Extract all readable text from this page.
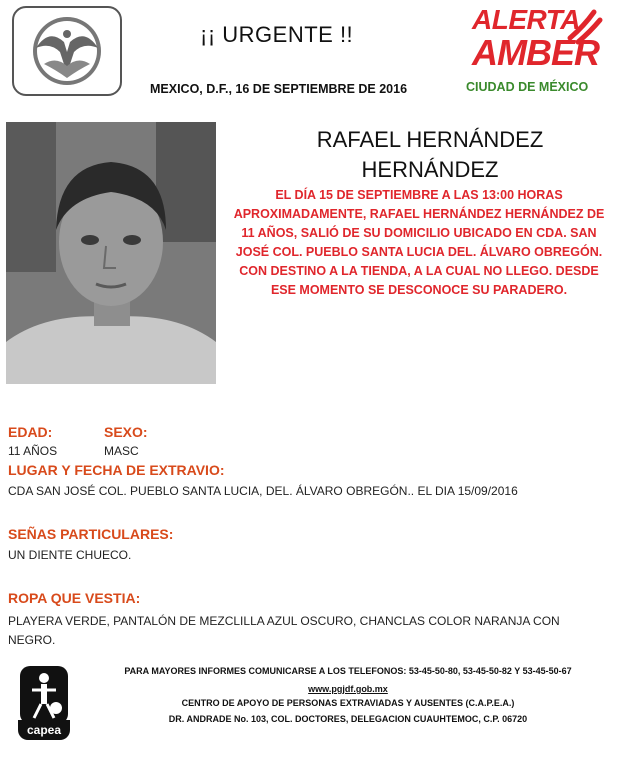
¡¡ URGENTE !!
MEXICO, D.F., 16 DE SEPTIEMBRE DE 2016
ALERTA
AMBER
CIUDAD DE MÉXICO
RAFAEL HERNÁNDEZ
HERNÁNDEZ
EL DÍA 15 DE SEPTIEMBRE A LAS 13:00 HORAS APROXIMADAMENTE, RAFAEL HERNÁNDEZ HERNÁNDEZ DE 11 AÑOS, SALIÓ DE SU DOMICILIO UBICADO EN CDA. SAN JOSÉ COL. PUEBLO SANTA LUCIA DEL. ÁLVARO OBREGÓN. CON DESTINO A LA TIENDA, A LA CUAL NO LLEGO. DESDE ESE MOMENTO SE DESCONOCE SU PARADERO.
EDAD:
11 AÑOS
SEXO:
MASC
LUGAR Y FECHA DE EXTRAVIO:
CDA SAN JOSÉ COL. PUEBLO SANTA LUCIA, DEL. ÁLVARO OBREGÓN.. EL DIA 15/09/2016
SEÑAS PARTICULARES:
UN DIENTE CHUECO.
ROPA QUE VESTIA:
PLAYERA VERDE, PANTALÓN DE MEZCLILLA AZUL OSCURO, CHANCLAS COLOR NARANJA CON NEGRO.
capea
PARA MAYORES INFORMES COMUNICARSE A LOS TELEFONOS: 53-45-50-80, 53-45-50-82 Y 53-45-50-67
www.pgjdf.gob.mx
CENTRO DE APOYO DE PERSONAS EXTRAVIADAS Y AUSENTES (C.A.P.E.A.)
DR. ANDRADE No. 103, COL. DOCTORES, DELEGACION CUAUHTEMOC, C.P. 06720
